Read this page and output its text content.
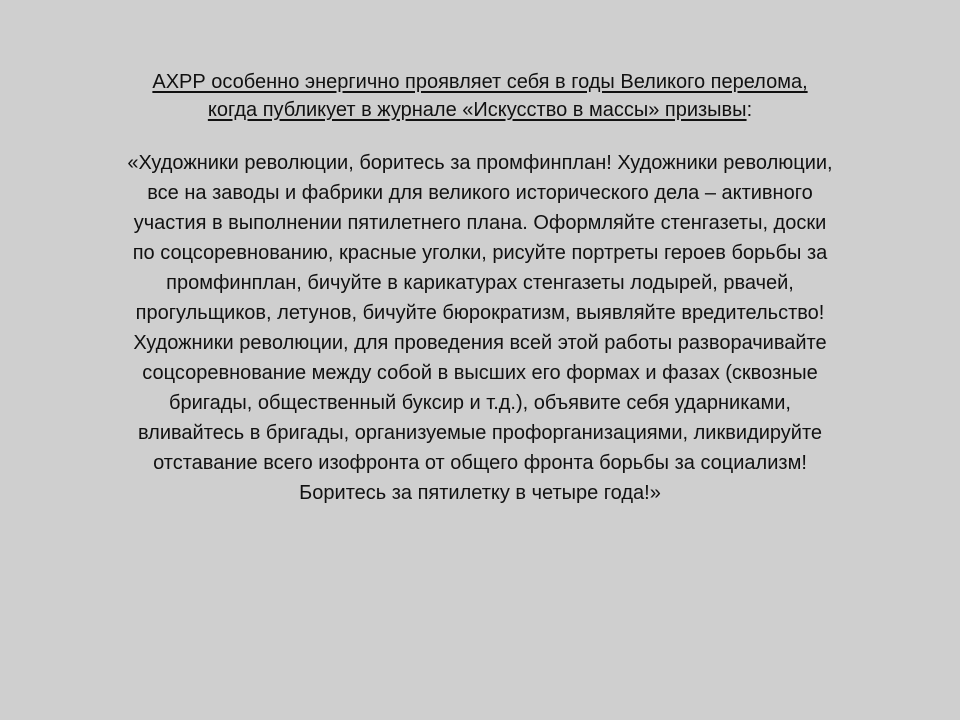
АХРР особенно энергично проявляет себя в годы Великого перелома,
когда публикует в журнале «Искусство в массы» призывы:
«Художники революции, боритесь за промфинплан! Художники революции,
все на заводы и фабрики для великого исторического дела – активного
участия в выполнении пятилетнего плана. Оформляйте стенгазеты, доски
по соцсоревнованию, красные уголки, рисуйте портреты героев борьбы за
промфинплан, бичуйте в карикатурах стенгазеты лодырей, рвачей,
прогульщиков, летунов, бичуйте бюрократизм, выявляйте вредительство!
Художники революции, для проведения всей этой работы разворачивайте
соцсоревнование между собой в высших его формах и фазах (сквозные
бригады, общественный буксир и т.д.), объявите себя ударниками,
вливайтесь в бригады, организуемые профорганизациями, ликвидируйте
отставание всего изофронта от общего фронта борьбы за социализм!
Боритесь за пятилетку в четыре года!»
